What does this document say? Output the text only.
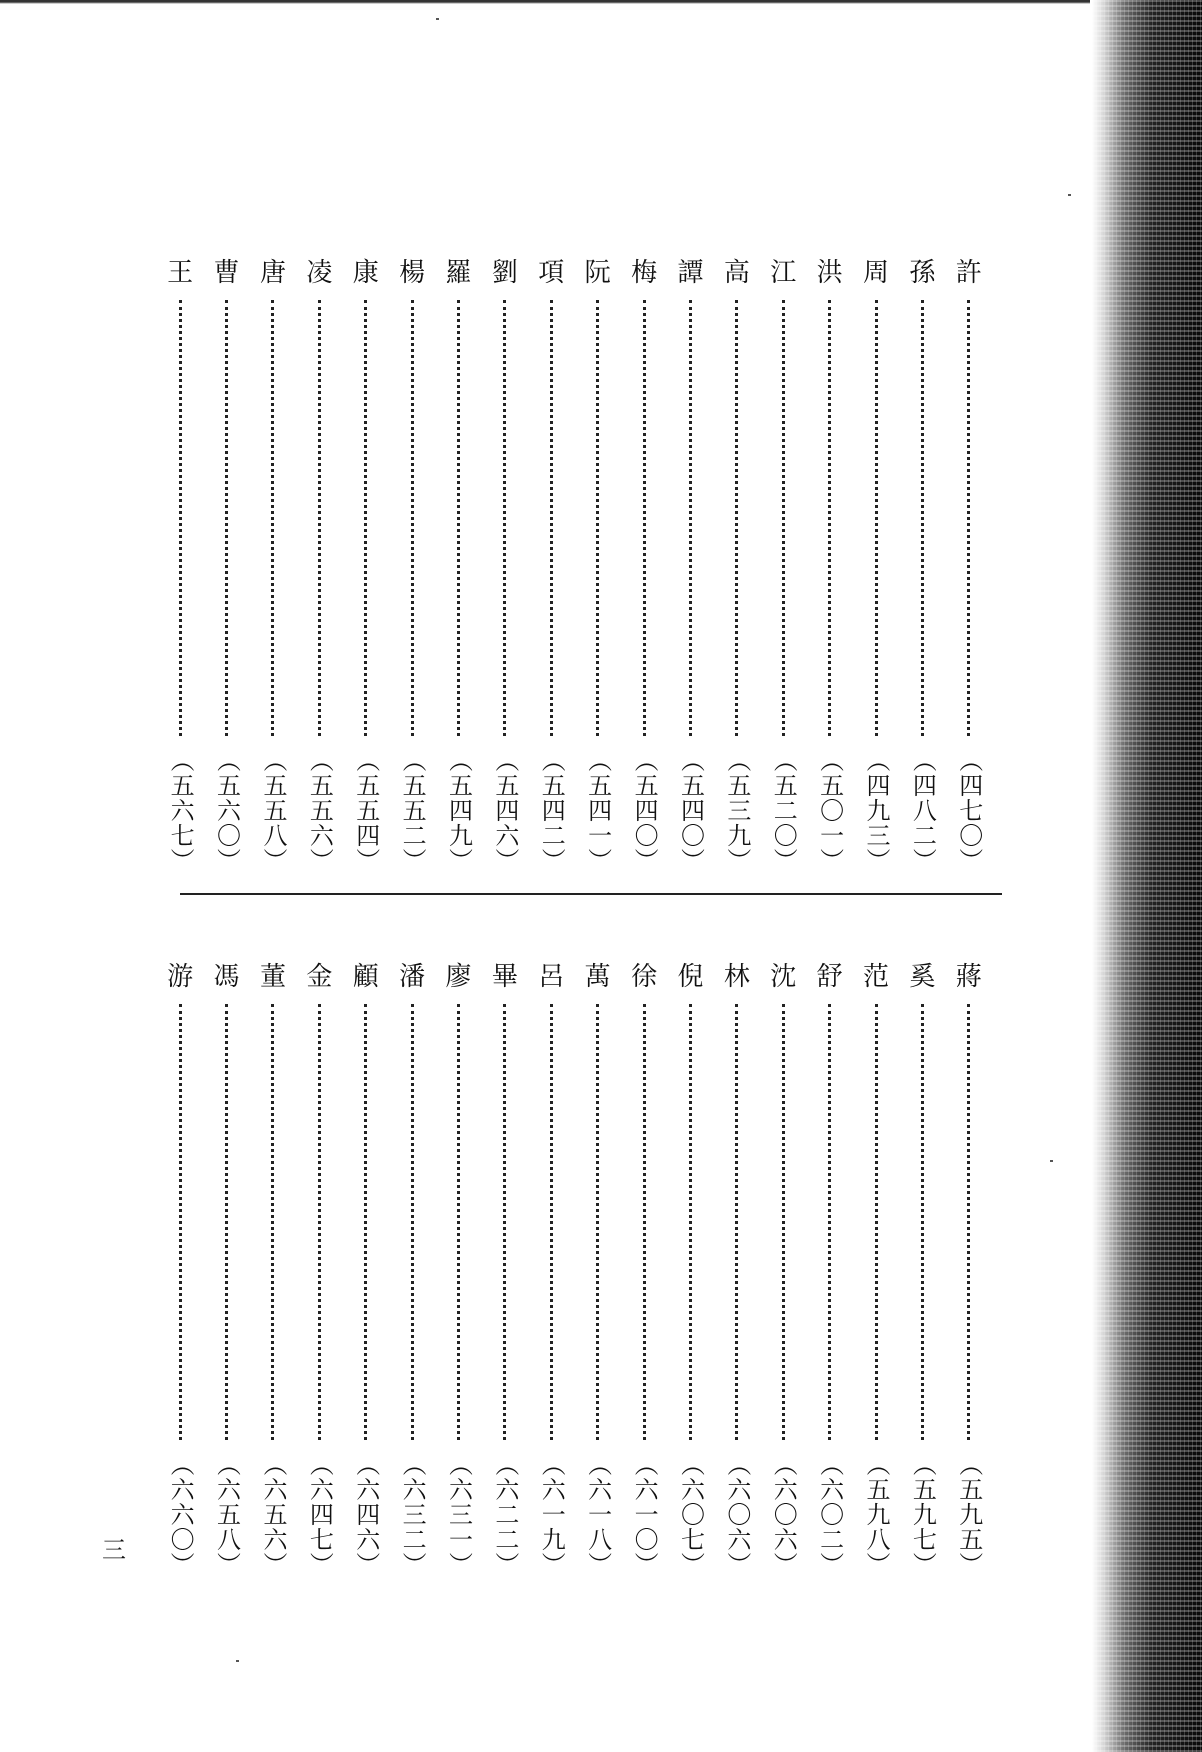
許
（四七〇）
孫
（四八二）
周
（四九三）
洪
（五〇一）
江
（五二〇）
高
（五三九）
譚
（五四〇）
梅
（五四〇）
阮
（五四一）
項
（五四二）
劉
（五四六）
羅
（五四九）
楊
（五五二）
康
（五五四）
凌
（五五六）
唐
（五五八）
曹
（五六〇）
王
（五六七）
蔣
（五九五）
奚
（五九七）
范
（五九八）
舒
（六〇二）
沈
（六〇六）
林
（六〇六）
倪
（六〇七）
徐
（六一〇）
萬
（六一八）
呂
（六一九）
畢
（六二二）
廖
（六三一）
潘
（六三二）
顧
（六四六）
金
（六四七）
董
（六五六）
馮
（六五八）
游
（六六〇）
三
